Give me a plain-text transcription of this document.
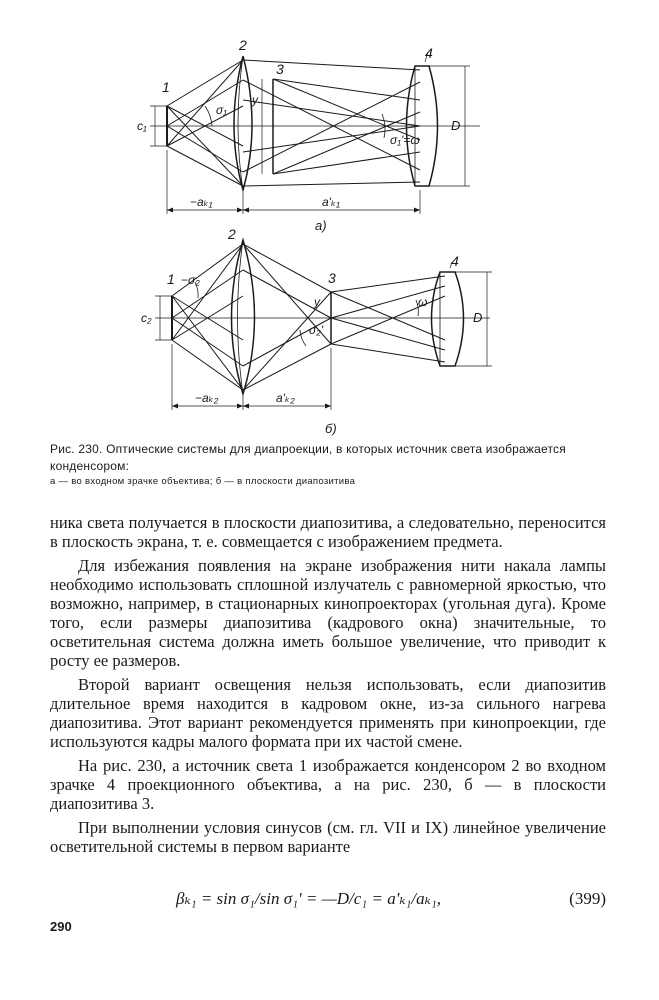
1
2
3
4
σ₁
y
σ₁'=ω
D
c₁
−aₖ₁	a'ₖ₁
а)
1
2
3
4
−σ₂
y
σ₂'
ω
D
c₂
−aₖ₂	a'ₖ₂
б)
Рис. 230. Оптические системы для диапроекции, в которых источник света изображается конденсором:
а — во входном зрачке объектива; б — в плоскости диапозитива

ника света получается в плоскости диапозитива, а следовательно, переносится в плоскость экрана, т. е. совмещается с изображением предмета.

Для избежания появления на экране изображения нити накала лампы необходимо использовать сплошной излучатель с равномерной яркостью, что возможно, например, в стационарных кинопроекторах (угольная дуга). Кроме того, если размеры диапозитива (кадрового окна) значительные, то осветительная система должна иметь большое увеличение, что приводит к росту ее размеров.

Второй вариант освещения нельзя использовать, если диапозитив длительное время находится в кадровом окне, из-за сильного нагрева диапозитива. Этот вариант рекомендуется применять при кинопроекции, где используются кадры малого формата при их частой смене.

На рис. 230, а источник света 1 изображается конденсором 2 во входном зрачке 4 проекционного объектива, а на рис. 230, б — в плоскости диапозитива 3.

При выполнении условия синусов (см. гл. VII и IX) линейное увеличение осветительной системы в первом варианте

βₖ₁ = sin σ₁/sin σ₁' = —D/c₁ = a'ₖ₁/aₖ₁,	(399)
290
